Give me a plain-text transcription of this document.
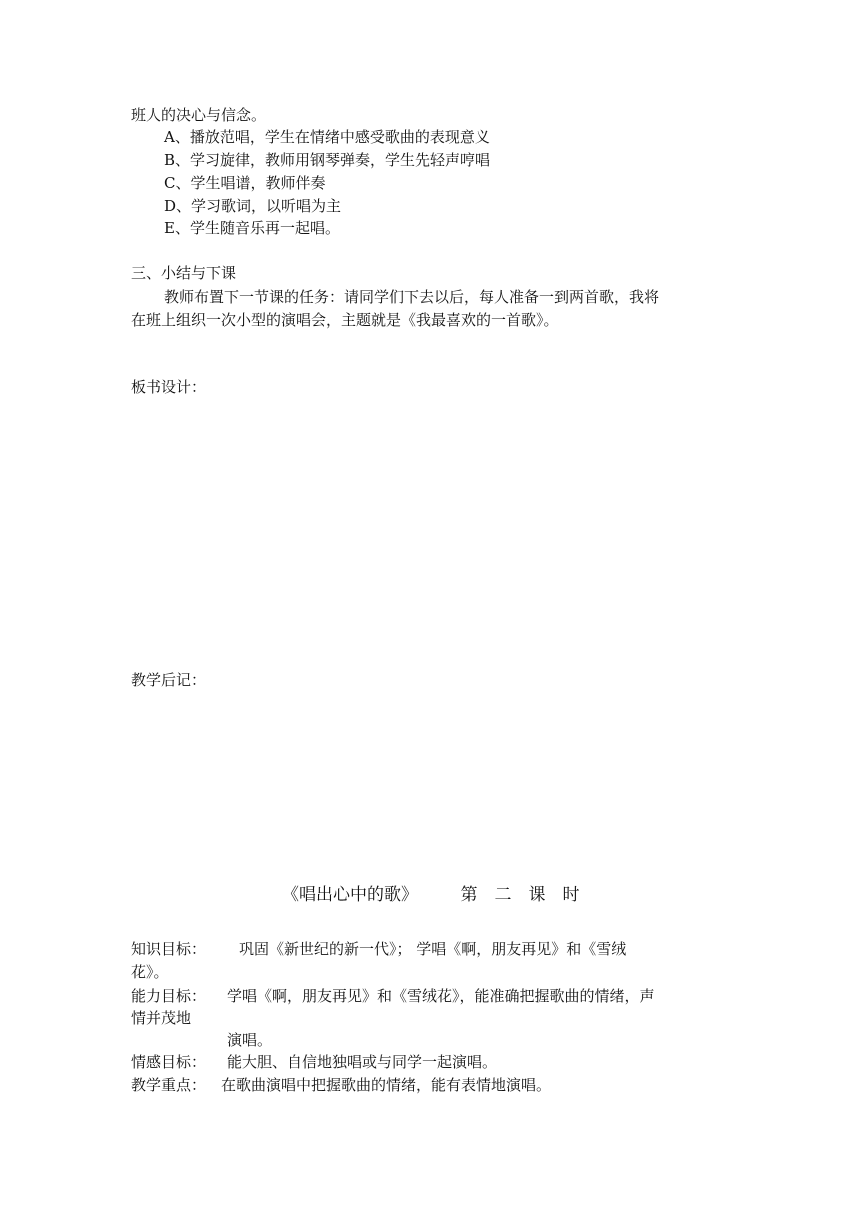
班人的决心与信念。
A、播放范唱，学生在情绪中感受歌曲的表现意义
B、学习旋律，教师用钢琴弹奏，学生先轻声哼唱
C、学生唱谱，教师伴奏
D、学习歌词，以听唱为主
E、学生随音乐再一起唱。
三、小结与下课
教师布置下一节课的任务：请同学们下去以后，每人准备一到两首歌，我将
在班上组织一次小型的演唱会，主题就是《我最喜欢的一首歌》。
板书设计：
教学后记：
《唱出心中的歌》	第 二 课 时
知识目标： 巩固《新世纪的新一代》； 学唱《啊，朋友再见》和《雪绒
花》。
能力目标： 学唱《啊，朋友再见》和《雪绒花》，能准确把握歌曲的情绪，声
情并茂地
演唱。
情感目标： 能大胆、自信地独唱或与同学一起演唱。
教学重点： 在歌曲演唱中把握歌曲的情绪，能有表情地演唱。
